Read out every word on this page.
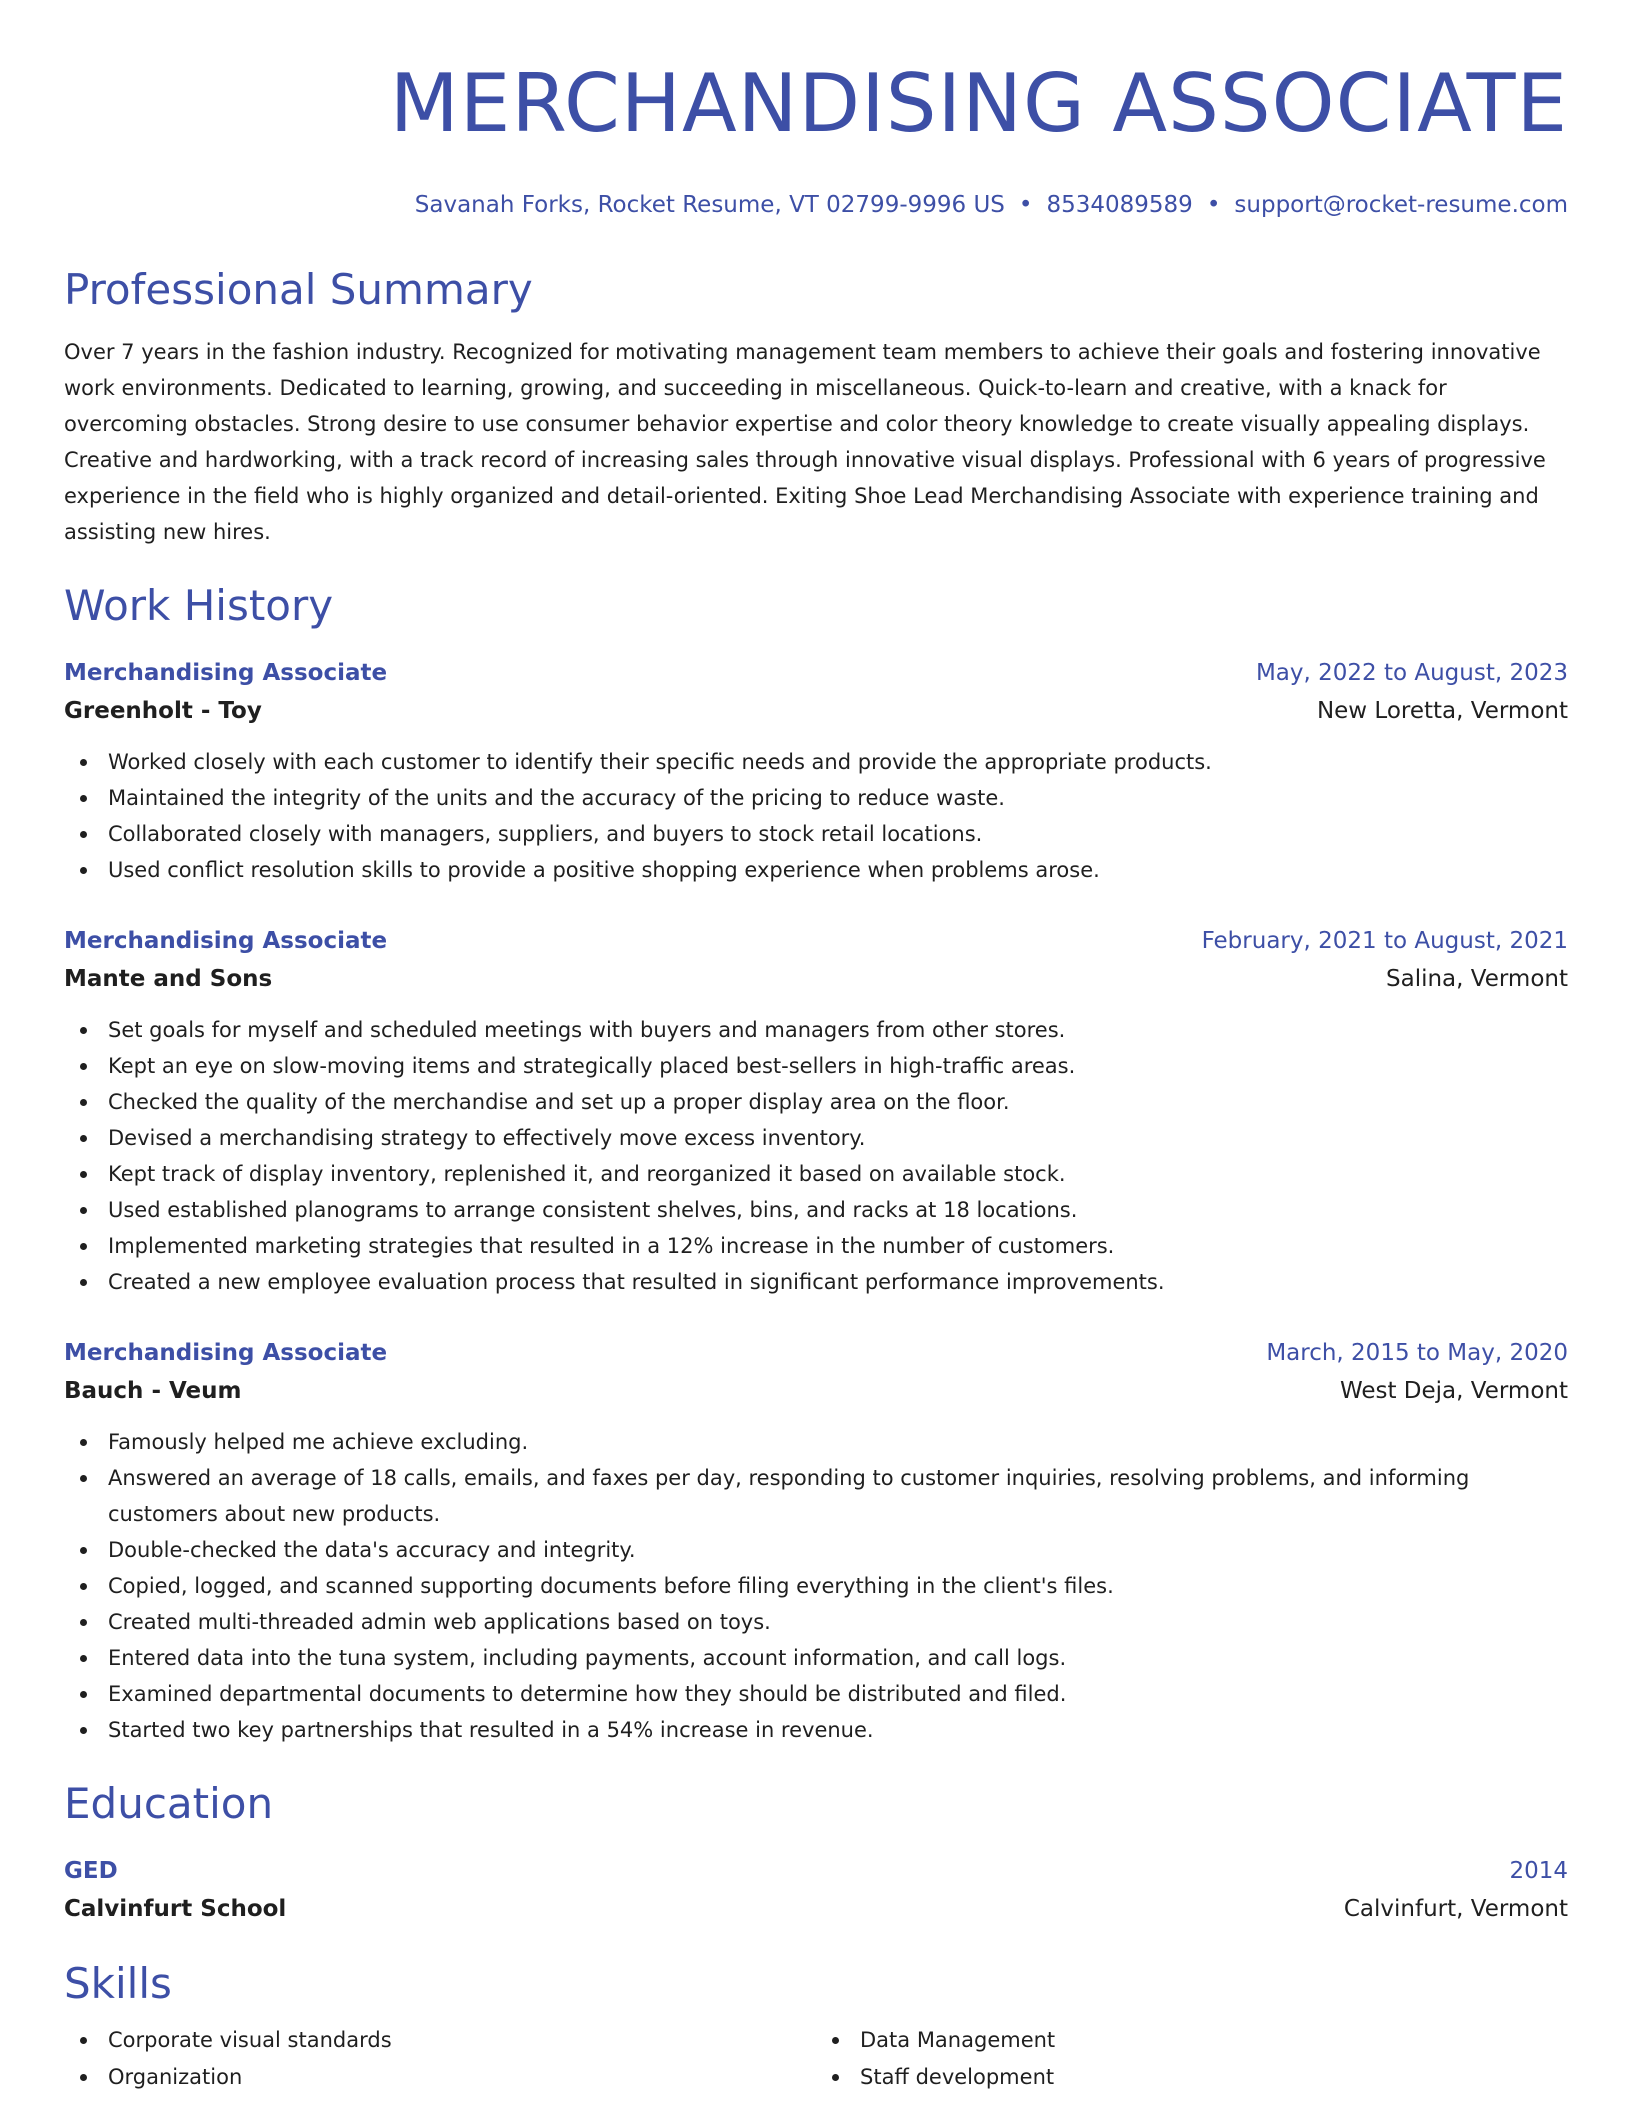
MERCHANDISING ASSOCIATE
Savanah Forks, Rocket Resume, VT 02799-9996 US • 8534089589 • support@rocket-resume.com
Professional Summary
Over 7 years in the fashion industry. Recognized for motivating management team members to achieve their goals and fostering innovative work environments. Dedicated to learning, growing, and succeeding in miscellaneous. Quick-to-learn and creative, with a knack for overcoming obstacles. Strong desire to use consumer behavior expertise and color theory knowledge to create visually appealing displays. Creative and hardworking, with a track record of increasing sales through innovative visual displays. Professional with 6 years of progressive experience in the field who is highly organized and detail-oriented. Exiting Shoe Lead Merchandising Associate with experience training and assisting new hires.
Work History
Merchandising Associate	May, 2022 to August, 2023
Greenholt - Toy	New Loretta, Vermont
Worked closely with each customer to identify their specific needs and provide the appropriate products.
Maintained the integrity of the units and the accuracy of the pricing to reduce waste.
Collaborated closely with managers, suppliers, and buyers to stock retail locations.
Used conflict resolution skills to provide a positive shopping experience when problems arose.
Merchandising Associate	February, 2021 to August, 2021
Mante and Sons	Salina, Vermont
Set goals for myself and scheduled meetings with buyers and managers from other stores.
Kept an eye on slow-moving items and strategically placed best-sellers in high-traffic areas.
Checked the quality of the merchandise and set up a proper display area on the floor.
Devised a merchandising strategy to effectively move excess inventory.
Kept track of display inventory, replenished it, and reorganized it based on available stock.
Used established planograms to arrange consistent shelves, bins, and racks at 18 locations.
Implemented marketing strategies that resulted in a 12% increase in the number of customers.
Created a new employee evaluation process that resulted in significant performance improvements.
Merchandising Associate	March, 2015 to May, 2020
Bauch - Veum	West Deja, Vermont
Famously helped me achieve excluding.
Answered an average of 18 calls, emails, and faxes per day, responding to customer inquiries, resolving problems, and informing customers about new products.
Double-checked the data's accuracy and integrity.
Copied, logged, and scanned supporting documents before filing everything in the client's files.
Created multi-threaded admin web applications based on toys.
Entered data into the tuna system, including payments, account information, and call logs.
Examined departmental documents to determine how they should be distributed and filed.
Started two key partnerships that resulted in a 54% increase in revenue.
Education
GED	2014
Calvinfurt School	Calvinfurt, Vermont
Skills
Corporate visual standards
Organization
Data Management
Staff development
